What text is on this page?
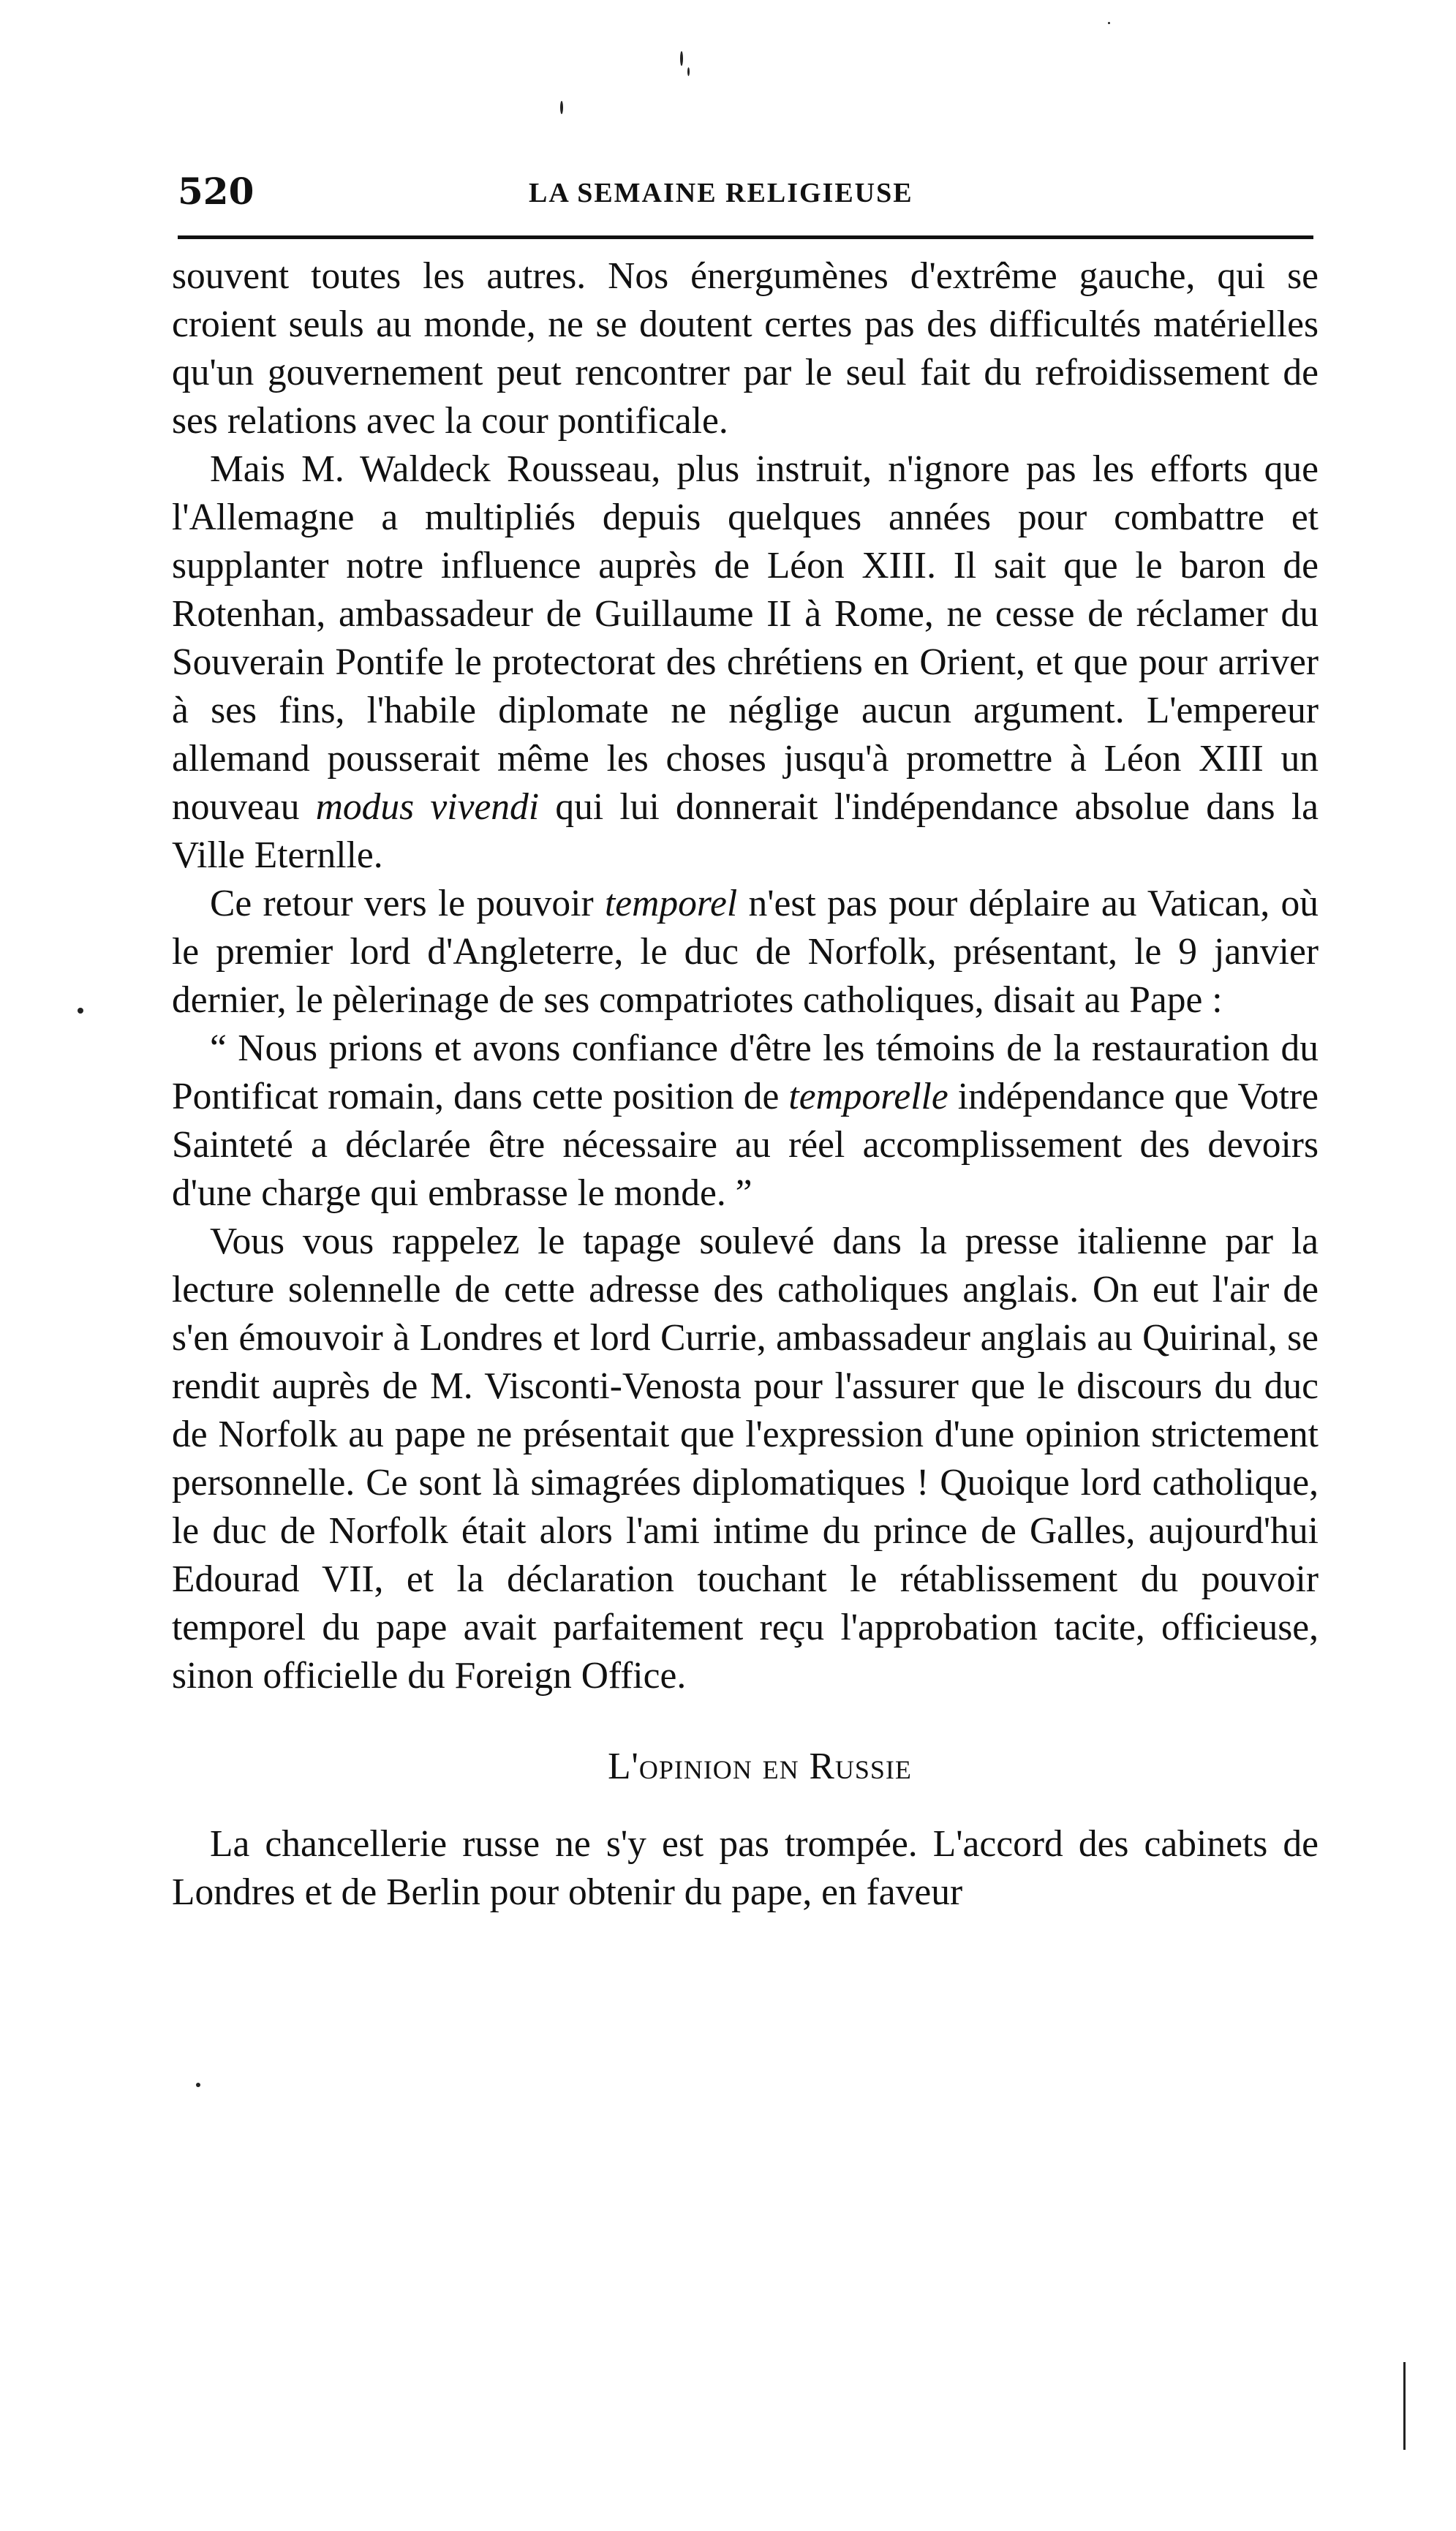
520	LA SEMAINE RELIGIEUSE

souvent toutes les autres. Nos énergumènes d'extrême gauche, qui se croient seuls au monde, ne se doutent certes pas des difficultés matérielles qu'un gouvernement peut rencontrer par le seul fait du refroidissement de ses relations avec la cour pontificale.

Mais M. Waldeck Rousseau, plus instruit, n'ignore pas les efforts que l'Allemagne a multipliés depuis quelques années pour combattre et supplanter notre influence auprès de Léon XIII. Il sait que le baron de Rotenhan, ambassadeur de Guillaume II à Rome, ne cesse de réclamer du Souverain Pontife le protectorat des chrétiens en Orient, et que pour arriver à ses fins, l'habile diplomate ne néglige aucun argument. L'empereur allemand pousserait même les choses jusqu'à promettre à Léon XIII un nouveau modus vivendi qui lui donnerait l'indépendance absolue dans la Ville Eternlle.

Ce retour vers le pouvoir temporel n'est pas pour déplaire au Vatican, où le premier lord d'Angleterre, le duc de Norfolk, présentant, le 9 janvier dernier, le pèlerinage de ses compatriotes catholiques, disait au Pape :

“ Nous prions et avons confiance d'être les témoins de la restauration du Pontificat romain, dans cette position de temporelle indépendance que Votre Sainteté a déclarée être nécessaire au réel accomplissement des devoirs d'une charge qui embrasse le monde. ”

Vous vous rappelez le tapage soulevé dans la presse italienne par la lecture solennelle de cette adresse des catholiques anglais. On eut l'air de s'en émouvoir à Londres et lord Currie, ambassadeur anglais au Quirinal, se rendit auprès de M. Visconti-Venosta pour l'assurer que le discours du duc de Norfolk au pape ne présentait que l'expression d'une opinion strictement personnelle. Ce sont là simagrées diplomatiques ! Quoique lord catholique, le duc de Norfolk était alors l'ami intime du prince de Galles, aujourd'hui Edourad VII, et la déclaration touchant le rétablissement du pouvoir temporel du pape avait parfaitement reçu l'approbation tacite, officieuse, sinon officielle du Foreign Office.

L'opinion en Russie

La chancellerie russe ne s'y est pas trompée. L'accord des cabinets de Londres et de Berlin pour obtenir du pape, en faveur
